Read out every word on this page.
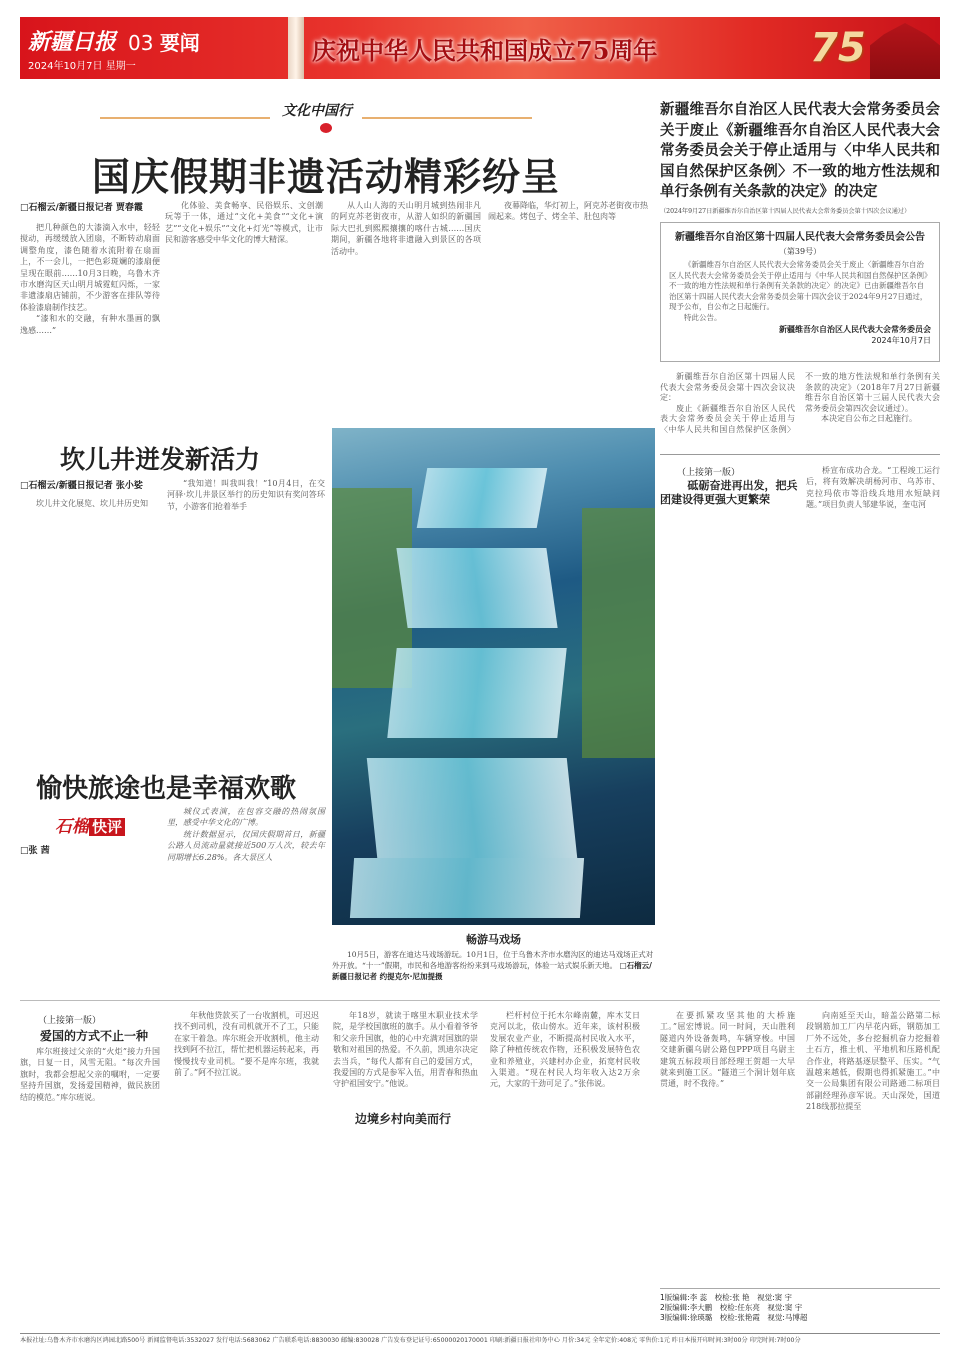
新疆日报 03 要闻
2024年10月7日 星期一
庆祝中华人民共和国成立75周年	75
文化中国行
国庆假期非遗活动精彩纷呈
□石榴云/新疆日报记者 贾春霞

把几种颜色的大漆滴入水中，轻轻搅动，再缓缓放入团扇，不断转动扇面调整角度，漆色随着水流附着在扇面上，不一会儿，一把色彩斑斓的漆扇便呈现在眼前……10月3日晚，乌鲁木齐市水磨沟区天山明月城霓虹闪烁，一家非遗漆扇店铺前，不少游客在排队等待体验漆扇制作技艺。

“漆和水的交融，有种水墨画的飘逸感……”

化体验、美食畅享、民俗娱乐、文创潮玩等于一体，通过“文化+美食”“文化+演艺”“文化+娱乐”“文化+灯光”等模式，让市民和游客感受中华文化的博大精深。

从人山人海的天山明月城到热闹非凡的阿克苏老街夜市，从游人如织的新疆国际大巴扎到熙熙攘攘的喀什古城……国庆期间，新疆各地将非遗融入到景区的各项活动中。

夜幕降临，华灯初上，阿克苏老街夜市热闹起来。烤包子、烤全羊、肚包肉等

坎儿井迸发新活力
□石榴云/新疆日报记者 张小娑

坎儿井文化展览、坎儿井历史知

“我知道！叫我叫我！”10月4日，在交河驿·坎儿井景区举行的历史知识有奖问答环节，小游客们抢着举手

愉快旅途也是幸福欢歌
石榴 快评
□张 茜

城仪式表演，在包容交融的热闹氛围里，感受中华文化的广博。

统计数据显示，仅国庆假期首日，新疆公路人员流动量就接近500万人次，较去年同期增长6.28%。各大景区人

畅游马戏场
10月5日，游客在迪达马戏场游玩。10月1日，位于乌鲁木齐市水磨沟区的迪达马戏场正式对外开放。“十一”假期，市民和各地游客纷纷来到马戏场游玩，体验一站式娱乐新天地。 □石榴云/新疆日报记者 约提克尔·尼加提摄
新疆维吾尔自治区人民代表大会常务委员会关于废止《新疆维吾尔自治区人民代表大会常务委员会关于停止适用与〈中华人民共和国自然保护区条例〉不一致的地方性法规和单行条例有关条款的决定》的决定
（2024年9月27日新疆维吾尔自治区第十四届人民代表大会常务委员会第十四次会议通过）
新疆维吾尔自治区第十四届人民代表大会常务委员会公告
（第39号）
《新疆维吾尔自治区人民代表大会常务委员会关于废止〈新疆维吾尔自治区人民代表大会常务委员会关于停止适用与《中华人民共和国自然保护区条例》不一致的地方性法规和单行条例有关条款的决定〉的决定》已由新疆维吾尔自治区第十四届人民代表大会常务委员会第十四次会议于2024年9月27日通过，现予公布，自公布之日起施行。
特此公告。
新疆维吾尔自治区人民代表大会常务委员会
2024年10月7日

新疆维吾尔自治区第十四届人民代表大会常务委员会第十四次会议决定：

废止《新疆维吾尔自治区人民代表大会常务委员会关于停止适用与〈中华人民共和国自然保护区条例〉不一致的地方性法规和单行条例有关条款的决定》（2018年7月27日新疆维吾尔自治区第十三届人民代表大会常务委员会第四次会议通过）。

本决定自公布之日起施行。

（上接第一版）
砥砺奋进再出发，把兵团建设得更强大更繁荣

桥宣布成功合龙。“工程竣工运行后，将有效解决胡杨河市、乌苏市、克拉玛依市等沿线兵地用水短缺问题。”项目负责人邹建华说，奎屯河

（上接第一版）
爱国的方式不止一种

库尔班接过父亲的“火炬”接力升国旗，日复一日，风雪无阻。“每次升国旗时，我都会想起父亲的嘱咐，一定要坚持升国旗，发扬爱国精神，做民族团结的模范。”库尔班说。

年秋他贷款买了一台收割机，可迟迟找不到司机，没有司机就开不了工，只能在家干着急。库尔班会开收割机，他主动找到阿不拉江，帮忙把机器运转起来，再慢慢找专业司机。“要不是库尔班，我就前了。”阿不拉江说。

年18岁，就读于喀里木职业技术学院，是学校国旗班的旗手。从小看着爷爷和父亲升国旗，他的心中充满对国旗的崇敬和对祖国的热爱。不久前，凯迪尔决定去当兵，“每代人都有自己的爱国方式，我爱国的方式是参军入伍，用青春和热血守护祖国安宁。”他说。

边境乡村向美而行

栏杆村位于托木尔峰南麓，库木艾日克河以北，依山傍水。近年来，该村积极发展农业产业，不断提高村民收入水平，除了种植传统农作物，还积极发展特色农业和养殖业，兴建村办企业，拓宽村民收入渠道。“现在村民人均年收入达2万余元，大家的干劲可足了。”张伟说。

在要抓紧攻坚其他的大桥施工。”屈宏博说。同一时间，天山胜利隧道内外设备轰鸣，车辆穿梭。中国交建新疆乌尉公路包PPP项目乌尉主建筑五标段项目部经理王贺超一大早就来到施工区。“隧道三个洞计划年底贯通，时不我待。”

向南延至天山，暗盖公路第二标段钢筋加工厂内早花内砾，钢筋加工厂外不远处，多台挖掘机奋力挖掘着土石方，推土机、平地机和压路机配合作业，将路基逐层整平、压实。“气温越来越低，假期也得抓紧施工。”中交一公局集团有限公司路通二标项目部副经理孙彦军说。天山深处，国道218线那拉提至

1版编辑:李 蕊　校检:张 艳　视觉:窦 宇
2版编辑:李大鹏　校检:任东亮　视觉:窦 宇
3版编辑:徐瑛璐　校检:张艳霞　视觉:马博超
本报社址:乌鲁木齐市水磨沟区鸿园北路500号 新闻监督电话:3532027 发行电话:5683062 广告联系电话:8830030 邮编:830028 广告发布登记证号:65000020170001 印刷:新疆日报社印务中心 月价:34元 全年定价:408元 零售价:1元 昨日本报开印时间:3时00分 印完时间:7时00分
